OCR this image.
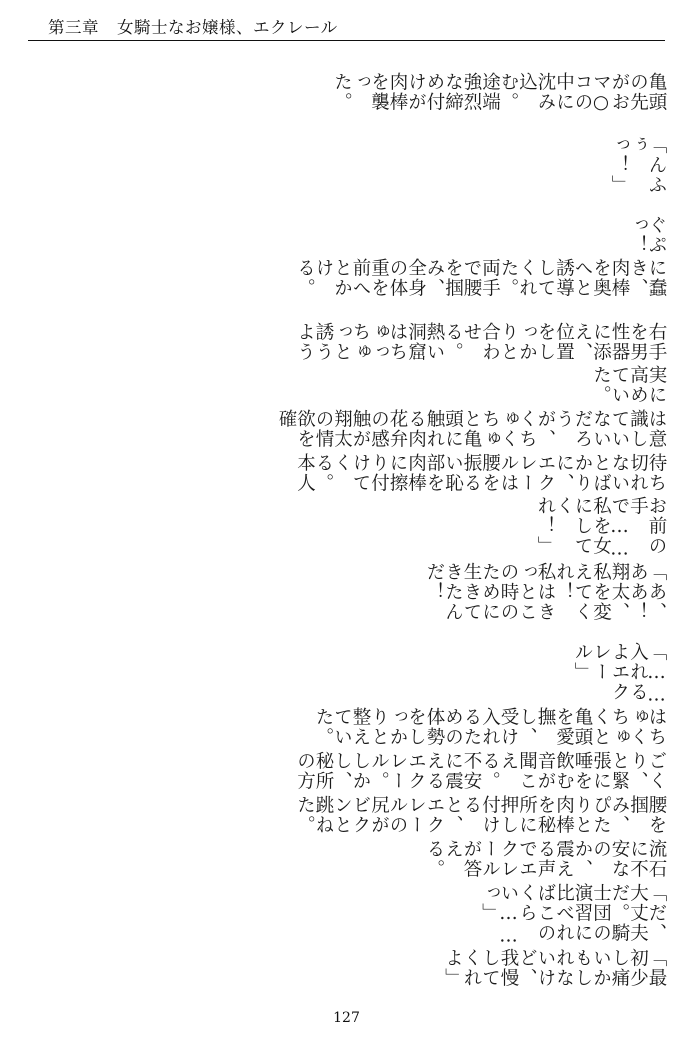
第三章 女騎士なお嬢様、エクレール
「最初少し痛いかもしれないけど、我慢してくれよ」
「だ、大丈夫だ。騎士団の演習に比べればこのくらい……っ」
流石に不安なのか、震える声でエクレールが答える。
腰を掴み、ぴたりと肉棒を秘所に押し付けると、エクレールの尻がビクンと跳ねた。
ごくり、と緊張に唾を飲む音が聞こえる。不安に震えるエクレール。しかし、秘所の方
はちゅくちゅくと亀頭を愛撫し、受け入れるための体勢をしっかりと整えていた。
「……入れるよエクレール」
「あ、ああ！　翔太、私を変えてくれ！　私はきっとこの時のために生きてきたんだ！
お前の手で……私を女にしてくれ！」
待ち切れないとばかりに、エクレールは腰を振るい恥部を肉棒に擦り付けてくる。本人
は意識していないだろうが、くちゅくちゅと亀頭に触れる肉花弁の感触が翔太の情欲を確
実に高めていた。
右手を男性器に添え、位置をしっかりと合わせる。熱い洞窟はちゅっちゅっと誘うよう
に蠢き、肉棒を奥へと誘導してくれた。両手で腰を掴み、全身の体重を前へとかける。
ぐぷっ！
「んふぅっ！」
亀頭の先がおマ○コの中に沈み込む。途端強烈な締め付けが肉棒を襲った。
127
